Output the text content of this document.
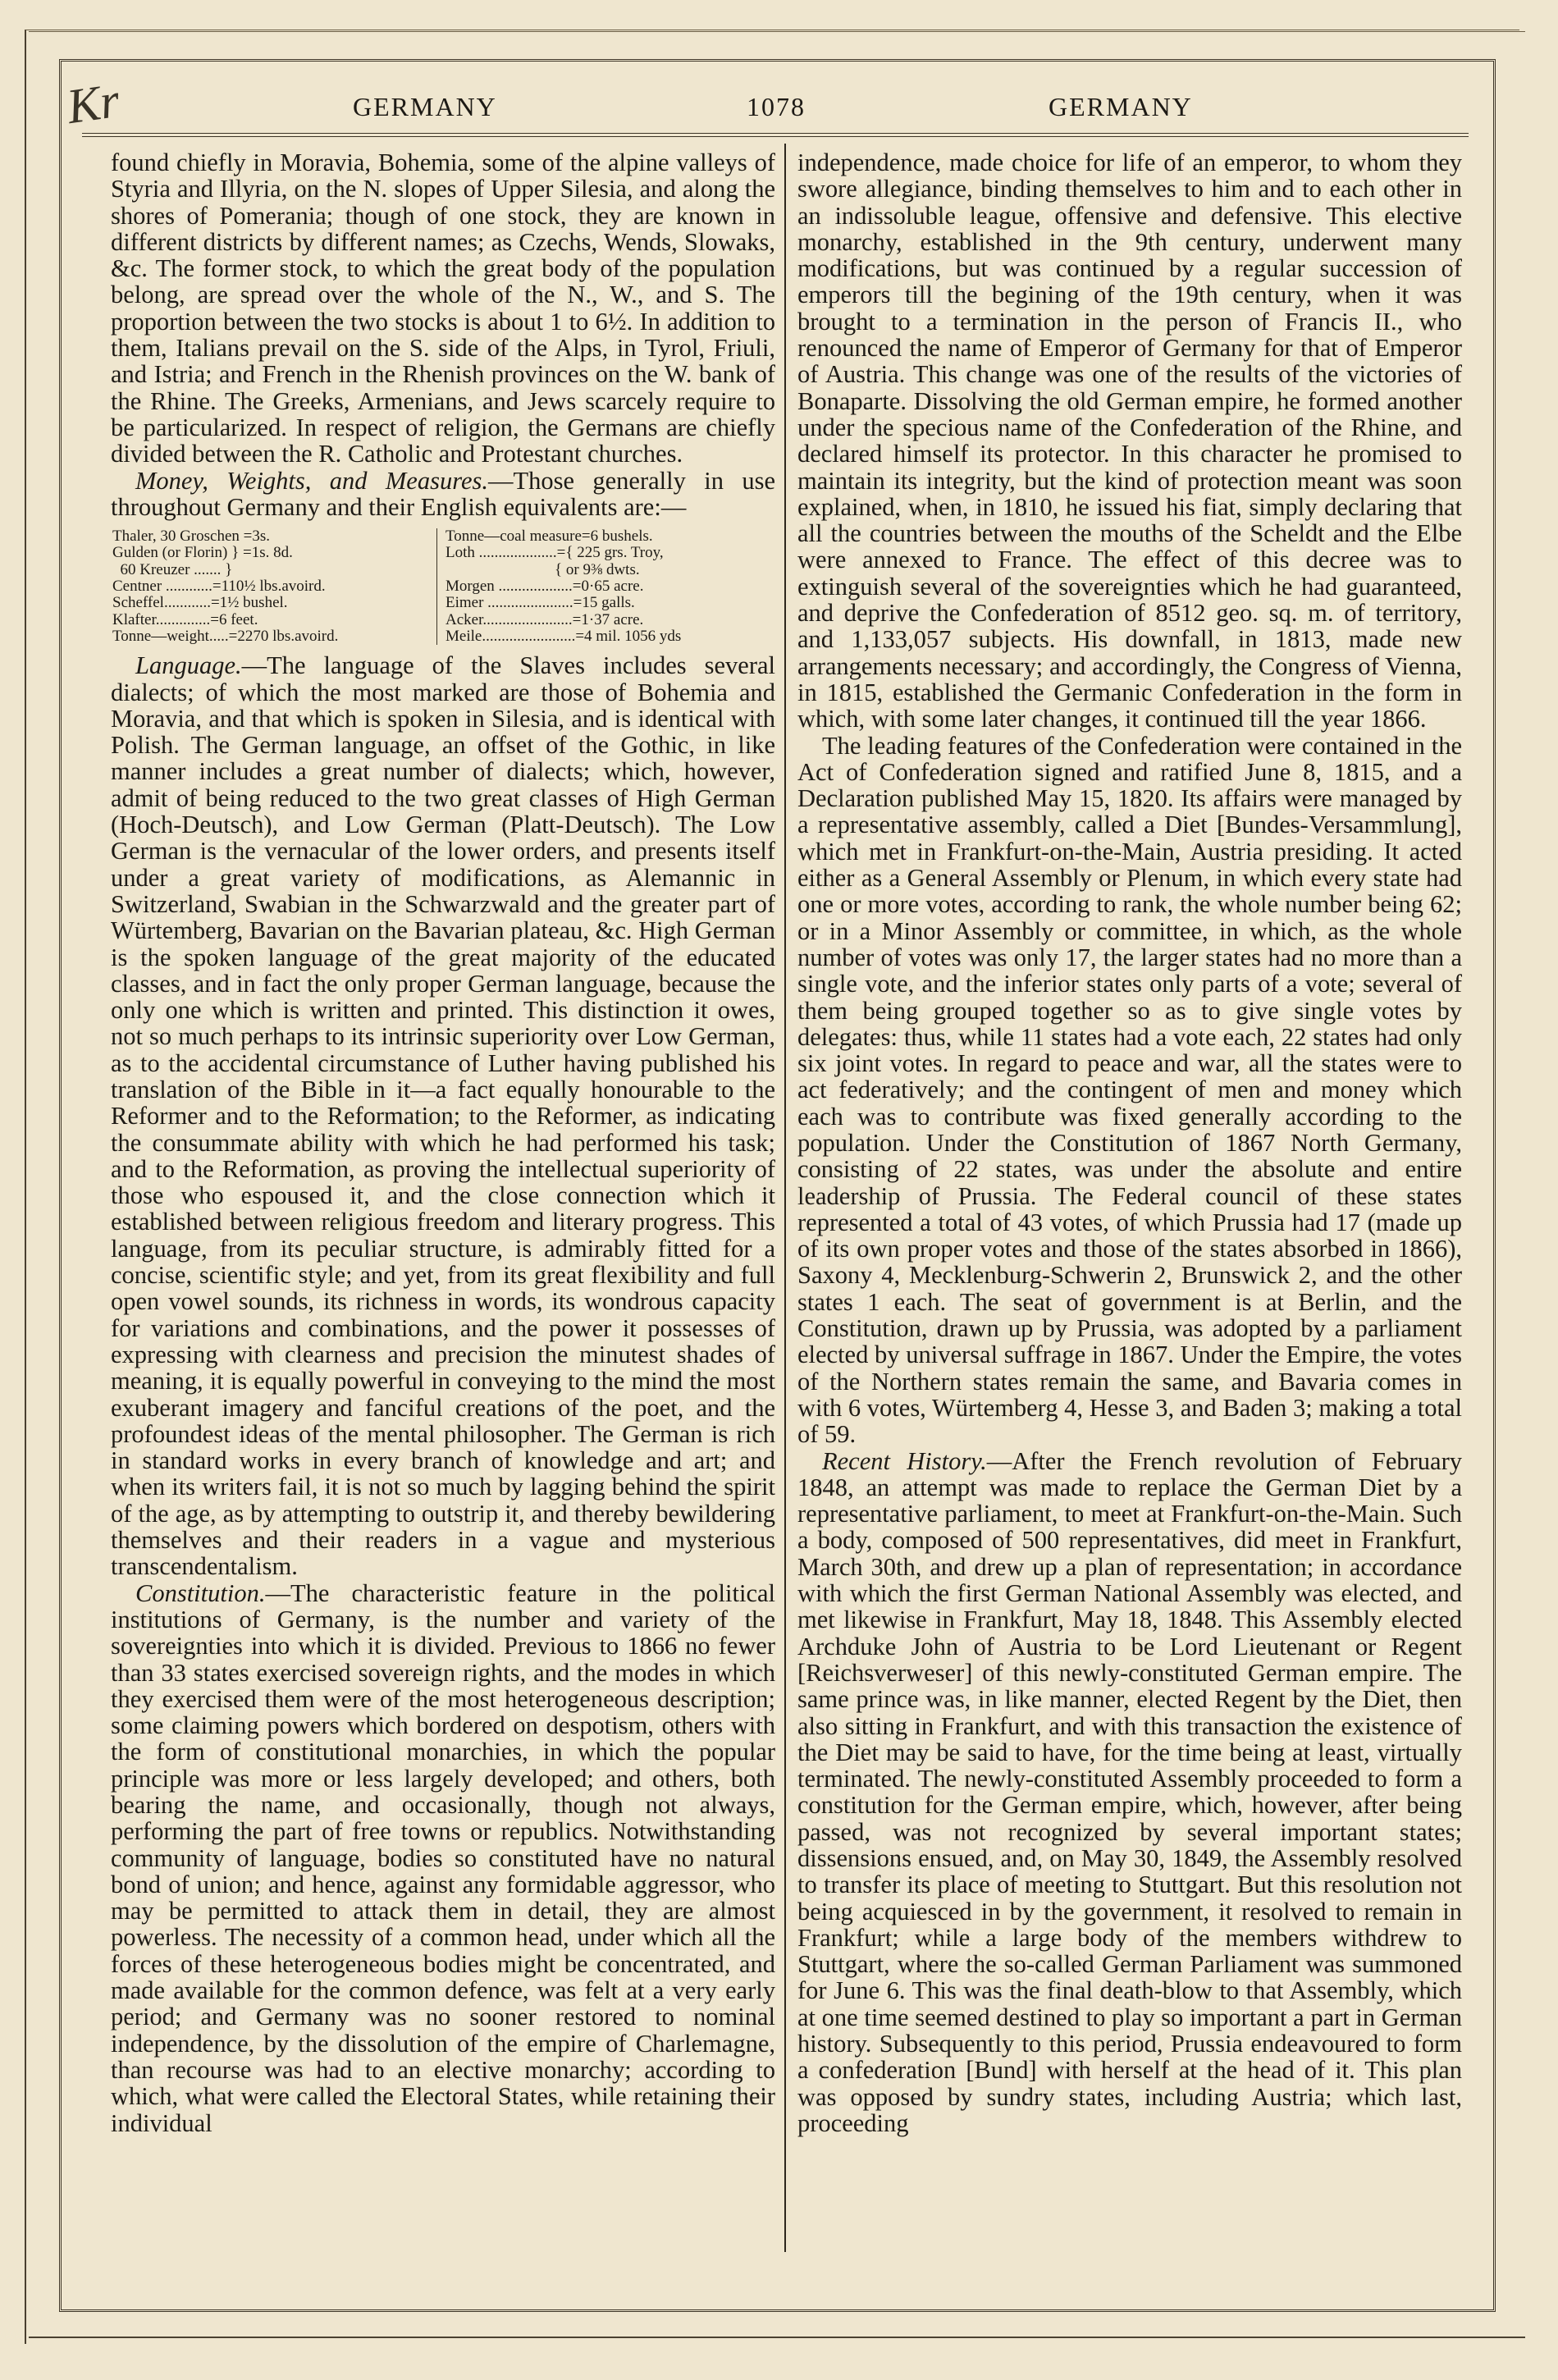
Kr	GERMANY	1078	GERMANY

found chiefly in Moravia, Bohemia, some of the alpine valleys of Styria and Illyria, on the N. slopes of Upper Silesia, and along the shores of Pomerania; though of one stock, they are known in different districts by different names; as Czechs, Wends, Slowaks, &c. The former stock, to which the great body of the population belong, are spread over the whole of the N., W., and S. The proportion between the two stocks is about 1 to 6½. In addition to them, Italians prevail on the S. side of the Alps, in Tyrol, Friuli, and Istria; and French in the Rhenish provinces on the W. bank of the Rhine. The Greeks, Armenians, and Jews scarcely require to be particularized. In respect of religion, the Germans are chiefly divided between the R. Catholic and Protestant churches.

Money, Weights, and Measures.—Those generally in use throughout Germany and their English equivalents are:—

Thaler, 30 Groschen =3s.
Gulden (or Florin) } =1s. 8d.
60 Kreuzer ....... }
Centner ............=110½ lbs.avoird.
Scheffel............=1½ bushel.
Klafter..............=6 feet.
Tonne—weight.....=2270 lbs.avoird.
Tonne—coal measure=6 bushels.
Loth ....................={ 225 grs. Troy,
{ or 9⅜ dwts.
Morgen ...................=0·65 acre.
Eimer ......................=15 galls.
Acker.......................=1·37 acre.
Meile........................=4 mil. 1056 yds

Language.—The language of the Slaves includes several dialects; of which the most marked are those of Bohemia and Moravia, and that which is spoken in Silesia, and is identical with Polish. The German language, an offset of the Gothic, in like manner includes a great number of dialects; which, however, admit of being reduced to the two great classes of High German (Hoch-Deutsch), and Low German (Platt-Deutsch). The Low German is the vernacular of the lower orders, and presents itself under a great variety of modifications, as Alemannic in Switzerland, Swabian in the Schwarzwald and the greater part of Würtemberg, Bavarian on the Bavarian plateau, &c. High German is the spoken language of the great majority of the educated classes, and in fact the only proper German language, because the only one which is written and printed. This distinction it owes, not so much perhaps to its intrinsic superiority over Low German, as to the accidental circumstance of Luther having published his translation of the Bible in it—a fact equally honourable to the Reformer and to the Reformation; to the Reformer, as indicating the consummate ability with which he had performed his task; and to the Reformation, as proving the intellectual superiority of those who espoused it, and the close connection which it established between religious freedom and literary progress. This language, from its peculiar structure, is admirably fitted for a concise, scientific style; and yet, from its great flexibility and full open vowel sounds, its richness in words, its wondrous capacity for variations and combinations, and the power it possesses of expressing with clearness and precision the minutest shades of meaning, it is equally powerful in conveying to the mind the most exuberant imagery and fanciful creations of the poet, and the profoundest ideas of the mental philosopher. The German is rich in standard works in every branch of knowledge and art; and when its writers fail, it is not so much by lagging behind the spirit of the age, as by attempting to outstrip it, and thereby bewildering themselves and their readers in a vague and mysterious transcendentalism.

Constitution.—The characteristic feature in the political institutions of Germany, is the number and variety of the sovereignties into which it is divided. Previous to 1866 no fewer than 33 states exercised sovereign rights, and the modes in which they exercised them were of the most heterogeneous description; some claiming powers which bordered on despotism, others with the form of constitutional monarchies, in which the popular principle was more or less largely developed; and others, both bearing the name, and occasionally, though not always, performing the part of free towns or republics. Notwithstanding community of language, bodies so constituted have no natural bond of union; and hence, against any formidable aggressor, who may be permitted to attack them in detail, they are almost powerless. The necessity of a common head, under which all the forces of these heterogeneous bodies might be concentrated, and made available for the common defence, was felt at a very early period; and Germany was no sooner restored to nominal independence, by the dissolution of the empire of Charlemagne, than recourse was had to an elective monarchy; according to which, what were called the Electoral States, while retaining their individual

independence, made choice for life of an emperor, to whom they swore allegiance, binding themselves to him and to each other in an indissoluble league, offensive and defensive. This elective monarchy, established in the 9th century, underwent many modifications, but was continued by a regular succession of emperors till the begining of the 19th century, when it was brought to a termination in the person of Francis II., who renounced the name of Emperor of Germany for that of Emperor of Austria. This change was one of the results of the victories of Bonaparte. Dissolving the old German empire, he formed another under the specious name of the Confederation of the Rhine, and declared himself its protector. In this character he promised to maintain its integrity, but the kind of protection meant was soon explained, when, in 1810, he issued his fiat, simply declaring that all the countries between the mouths of the Scheldt and the Elbe were annexed to France. The effect of this decree was to extinguish several of the sovereignties which he had guaranteed, and deprive the Confederation of 8512 geo. sq. m. of territory, and 1,133,057 subjects. His downfall, in 1813, made new arrangements necessary; and accordingly, the Congress of Vienna, in 1815, established the Germanic Confederation in the form in which, with some later changes, it continued till the year 1866.

The leading features of the Confederation were contained in the Act of Confederation signed and ratified June 8, 1815, and a Declaration published May 15, 1820. Its affairs were managed by a representative assembly, called a Diet [Bundes-Versammlung], which met in Frankfurt-on-the-Main, Austria presiding. It acted either as a General Assembly or Plenum, in which every state had one or more votes, according to rank, the whole number being 62; or in a Minor Assembly or committee, in which, as the whole number of votes was only 17, the larger states had no more than a single vote, and the inferior states only parts of a vote; several of them being grouped together so as to give single votes by delegates: thus, while 11 states had a vote each, 22 states had only six joint votes. In regard to peace and war, all the states were to act federatively; and the contingent of men and money which each was to contribute was fixed generally according to the population. Under the Constitution of 1867 North Germany, consisting of 22 states, was under the absolute and entire leadership of Prussia. The Federal council of these states represented a total of 43 votes, of which Prussia had 17 (made up of its own proper votes and those of the states absorbed in 1866), Saxony 4, Mecklenburg-Schwerin 2, Brunswick 2, and the other states 1 each. The seat of government is at Berlin, and the Constitution, drawn up by Prussia, was adopted by a parliament elected by universal suffrage in 1867. Under the Empire, the votes of the Northern states remain the same, and Bavaria comes in with 6 votes, Würtemberg 4, Hesse 3, and Baden 3; making a total of 59.

Recent History.—After the French revolution of February 1848, an attempt was made to replace the German Diet by a representative parliament, to meet at Frankfurt-on-the-Main. Such a body, composed of 500 representatives, did meet in Frankfurt, March 30th, and drew up a plan of representation; in accordance with which the first German National Assembly was elected, and met likewise in Frankfurt, May 18, 1848. This Assembly elected Archduke John of Austria to be Lord Lieutenant or Regent [Reichsverweser] of this newly-constituted German empire. The same prince was, in like manner, elected Regent by the Diet, then also sitting in Frankfurt, and with this transaction the existence of the Diet may be said to have, for the time being at least, virtually terminated. The newly-constituted Assembly proceeded to form a constitution for the German empire, which, however, after being passed, was not recognized by several important states; dissensions ensued, and, on May 30, 1849, the Assembly resolved to transfer its place of meeting to Stuttgart. But this resolution not being acquiesced in by the government, it resolved to remain in Frankfurt; while a large body of the members withdrew to Stuttgart, where the so-called German Parliament was summoned for June 6. This was the final death-blow to that Assembly, which at one time seemed destined to play so important a part in German history. Subsequently to this period, Prussia endeavoured to form a confederation [Bund] with herself at the head of it. This plan was opposed by sundry states, including Austria; which last, proceeding
